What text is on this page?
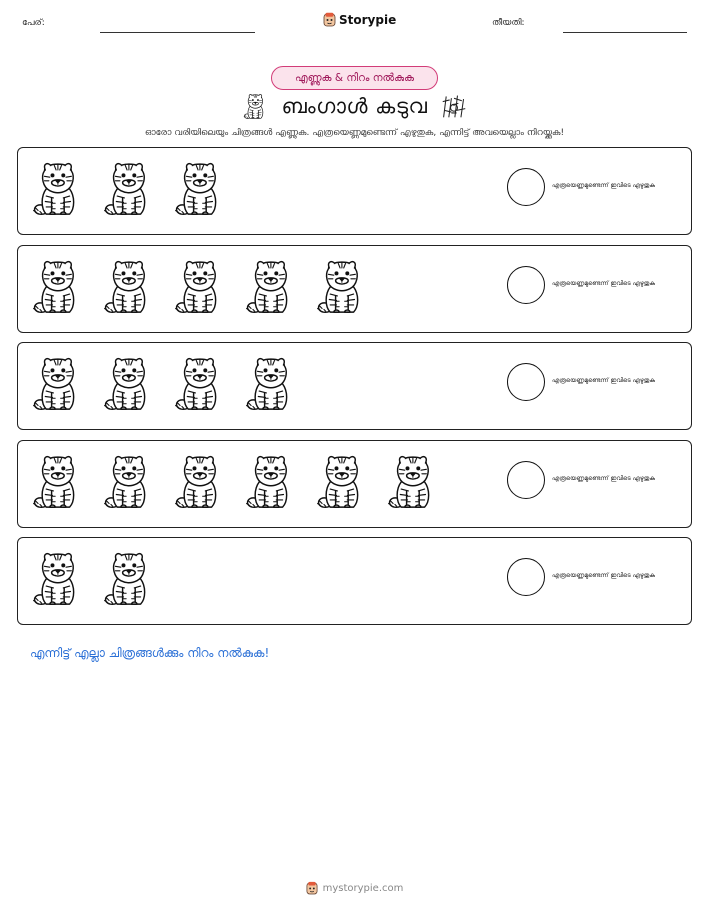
പേര്:	Storypie	തീയതി:
എണ്ണുക & നിറം നൽകുക
ബംഗാൾ കടുവ
ഓരോ വരിയിലെയും ചിത്രങ്ങൾ എണ്ണുക. എത്രയെണ്ണമുണ്ടെന്ന് എഴുതുക, എന്നിട്ട് അവയെല്ലാം നിറയ്ക്കുക!
എത്രയെണ്ണമുണ്ടെന്ന് ഇവിടെ എഴുതുക
എത്രയെണ്ണമുണ്ടെന്ന് ഇവിടെ എഴുതുക
എത്രയെണ്ണമുണ്ടെന്ന് ഇവിടെ എഴുതുക
എത്രയെണ്ണമുണ്ടെന്ന് ഇവിടെ എഴുതുക
എത്രയെണ്ണമുണ്ടെന്ന് ഇവിടെ എഴുതുക
എന്നിട്ട് എല്ലാ ചിത്രങ്ങൾക്കും നിറം നൽകുക!
mystorypie.com
